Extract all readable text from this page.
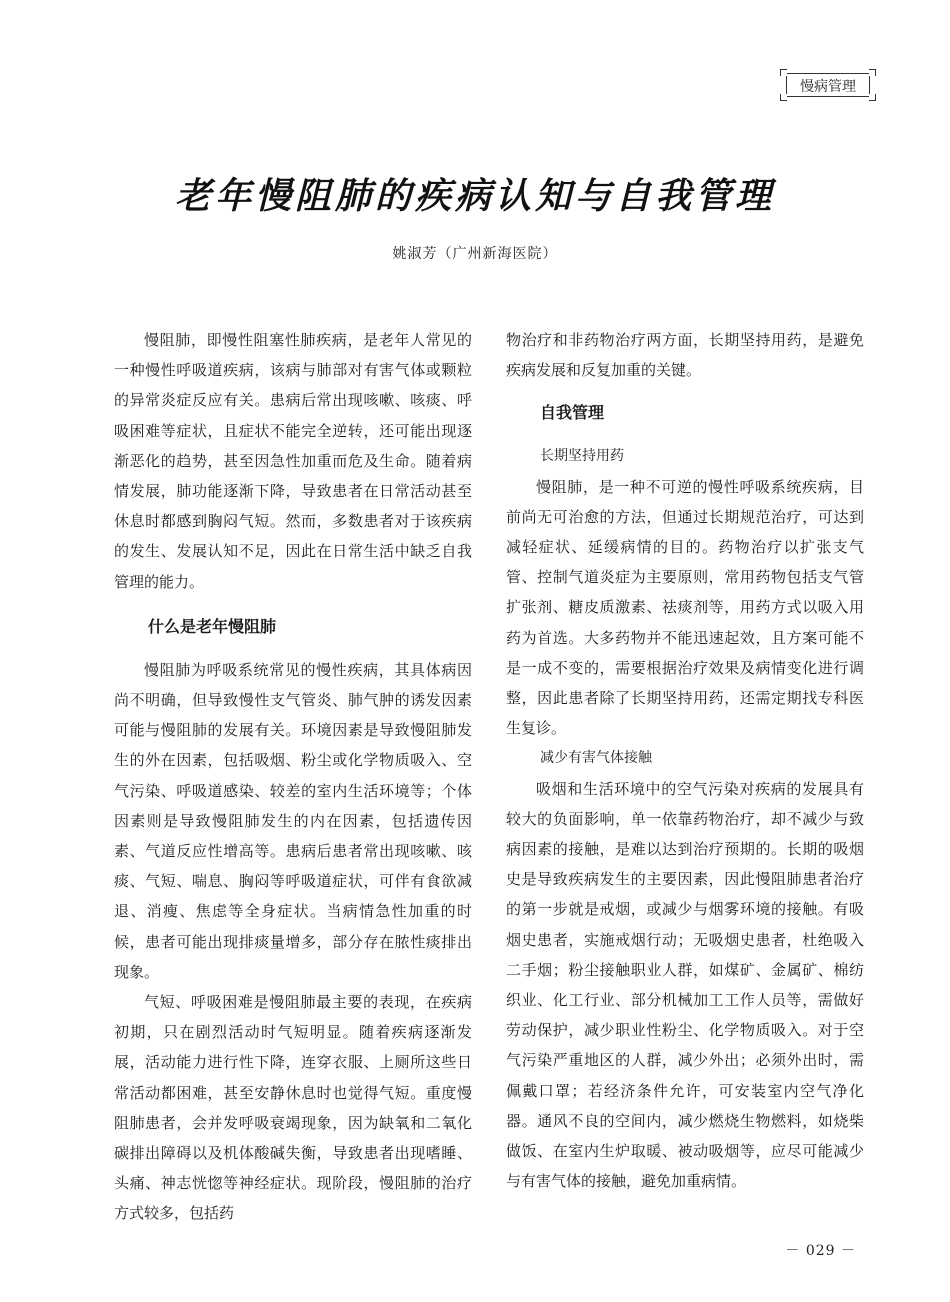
慢病管理
老年慢阻肺的疾病认知与自我管理
姚淑芳（广州新海医院）

慢阻肺，即慢性阻塞性肺疾病，是老年人常见的一种慢性呼吸道疾病，该病与肺部对有害气体或颗粒的异常炎症反应有关。患病后常出现咳嗽、咳痰、呼吸困难等症状，且症状不能完全逆转，还可能出现逐渐恶化的趋势，甚至因急性加重而危及生命。随着病情发展，肺功能逐渐下降，导致患者在日常活动甚至休息时都感到胸闷气短。然而，多数患者对于该疾病的发生、发展认知不足，因此在日常生活中缺乏自我管理的能力。

什么是老年慢阻肺

慢阻肺为呼吸系统常见的慢性疾病，其具体病因尚不明确，但导致慢性支气管炎、肺气肿的诱发因素可能与慢阻肺的发展有关。环境因素是导致慢阻肺发生的外在因素，包括吸烟、粉尘或化学物质吸入、空气污染、呼吸道感染、较差的室内生活环境等；个体因素则是导致慢阻肺发生的内在因素，包括遗传因素、气道反应性增高等。患病后患者常出现咳嗽、咳痰、气短、喘息、胸闷等呼吸道症状，可伴有食欲减退、消瘦、焦虑等全身症状。当病情急性加重的时候，患者可能出现排痰量增多，部分存在脓性痰排出现象。

气短、呼吸困难是慢阻肺最主要的表现，在疾病初期，只在剧烈活动时气短明显。随着疾病逐渐发展，活动能力进行性下降，连穿衣服、上厕所这些日常活动都困难，甚至安静休息时也觉得气短。重度慢阻肺患者，会并发呼吸衰竭现象，因为缺氧和二氧化碳排出障碍以及机体酸碱失衡，导致患者出现嗜睡、头痛、神志恍惚等神经症状。现阶段，慢阻肺的治疗方式较多，包括药

物治疗和非药物治疗两方面，长期坚持用药，是避免疾病发展和反复加重的关键。

自我管理
长期坚持用药

慢阻肺，是一种不可逆的慢性呼吸系统疾病，目前尚无可治愈的方法，但通过长期规范治疗，可达到减轻症状、延缓病情的目的。药物治疗以扩张支气管、控制气道炎症为主要原则，常用药物包括支气管扩张剂、糖皮质激素、祛痰剂等，用药方式以吸入用药为首选。大多药物并不能迅速起效，且方案可能不是一成不变的，需要根据治疗效果及病情变化进行调整，因此患者除了长期坚持用药，还需定期找专科医生复诊。

减少有害气体接触

吸烟和生活环境中的空气污染对疾病的发展具有较大的负面影响，单一依靠药物治疗，却不减少与致病因素的接触，是难以达到治疗预期的。长期的吸烟史是导致疾病发生的主要因素，因此慢阻肺患者治疗的第一步就是戒烟，或减少与烟雾环境的接触。有吸烟史患者，实施戒烟行动；无吸烟史患者，杜绝吸入二手烟；粉尘接触职业人群，如煤矿、金属矿、棉纺织业、化工行业、部分机械加工工作人员等，需做好劳动保护，减少职业性粉尘、化学物质吸入。对于空气污染严重地区的人群，减少外出；必须外出时，需佩戴口罩；若经济条件允许，可安装室内空气净化器。通风不良的空间内，减少燃烧生物燃料，如烧柴做饭、在室内生炉取暖、被动吸烟等，应尽可能减少与有害气体的接触，避免加重病情。

－ 029 －
